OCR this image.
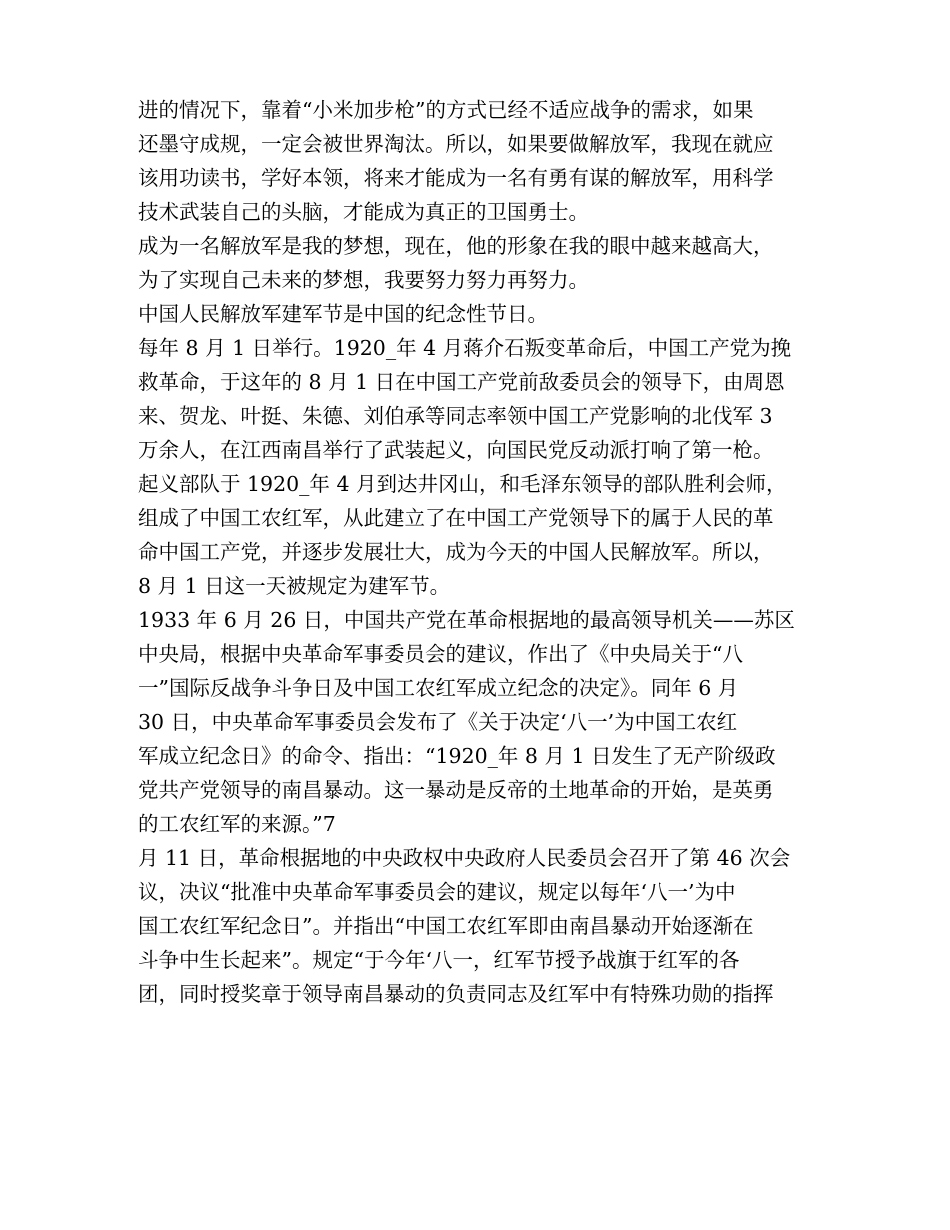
进的情况下，靠着“小米加步枪”的方式已经不适应战争的需求，如果
还墨守成规，一定会被世界淘汰。所以，如果要做解放军，我现在就应
该用功读书，学好本领，将来才能成为一名有勇有谋的解放军，用科学
技术武装自己的头脑，才能成为真正的卫国勇士。
成为一名解放军是我的梦想，现在，他的形象在我的眼中越来越高大，
为了实现自己未来的梦想，我要努力努力再努力。
中国人民解放军建军节是中国的纪念性节日。
每年 8 月 1 日举行。1920_年 4 月蒋介石叛变革命后，中国工产党为挽
救革命，于这年的 8 月 1 日在中国工产党前敌委员会的领导下，由周恩
来、贺龙、叶挺、朱德、刘伯承等同志率领中国工产党影响的北伐军 3
万余人，在江西南昌举行了武装起义，向国民党反动派打响了第一枪。
起义部队于 1920_年 4 月到达井冈山，和毛泽东领导的部队胜利会师，
组成了中国工农红军，从此建立了在中国工产党领导下的属于人民的革
命中国工产党，并逐步发展壮大，成为今天的中国人民解放军。所以，
8 月 1 日这一天被规定为建军节。
1933 年 6 月 26 日，中国共产党在革命根据地的最高领导机关——苏区
中央局，根据中央革命军事委员会的建议，作出了《中央局关于“八
一”国际反战争斗争日及中国工农红军成立纪念的决定》。同年 6 月
30 日，中央革命军事委员会发布了《关于决定‘八一’为中国工农红
军成立纪念日》的命令、指出：“1920_年 8 月 1 日发生了无产阶级政
党共产党领导的南昌暴动。这一暴动是反帝的土地革命的开始，是英勇
的工农红军的来源。”7
月 11 日，革命根据地的中央政权中央政府人民委员会召开了第 46 次会
议，决议“批准中央革命军事委员会的建议，规定以每年‘八一’为中
国工农红军纪念日”。并指出“中国工农红军即由南昌暴动开始逐渐在
斗争中生长起来”。规定“于今年‘八一，红军节授予战旗于红军的各
团，同时授奖章于领导南昌暴动的负责同志及红军中有特殊功勋的指挥
